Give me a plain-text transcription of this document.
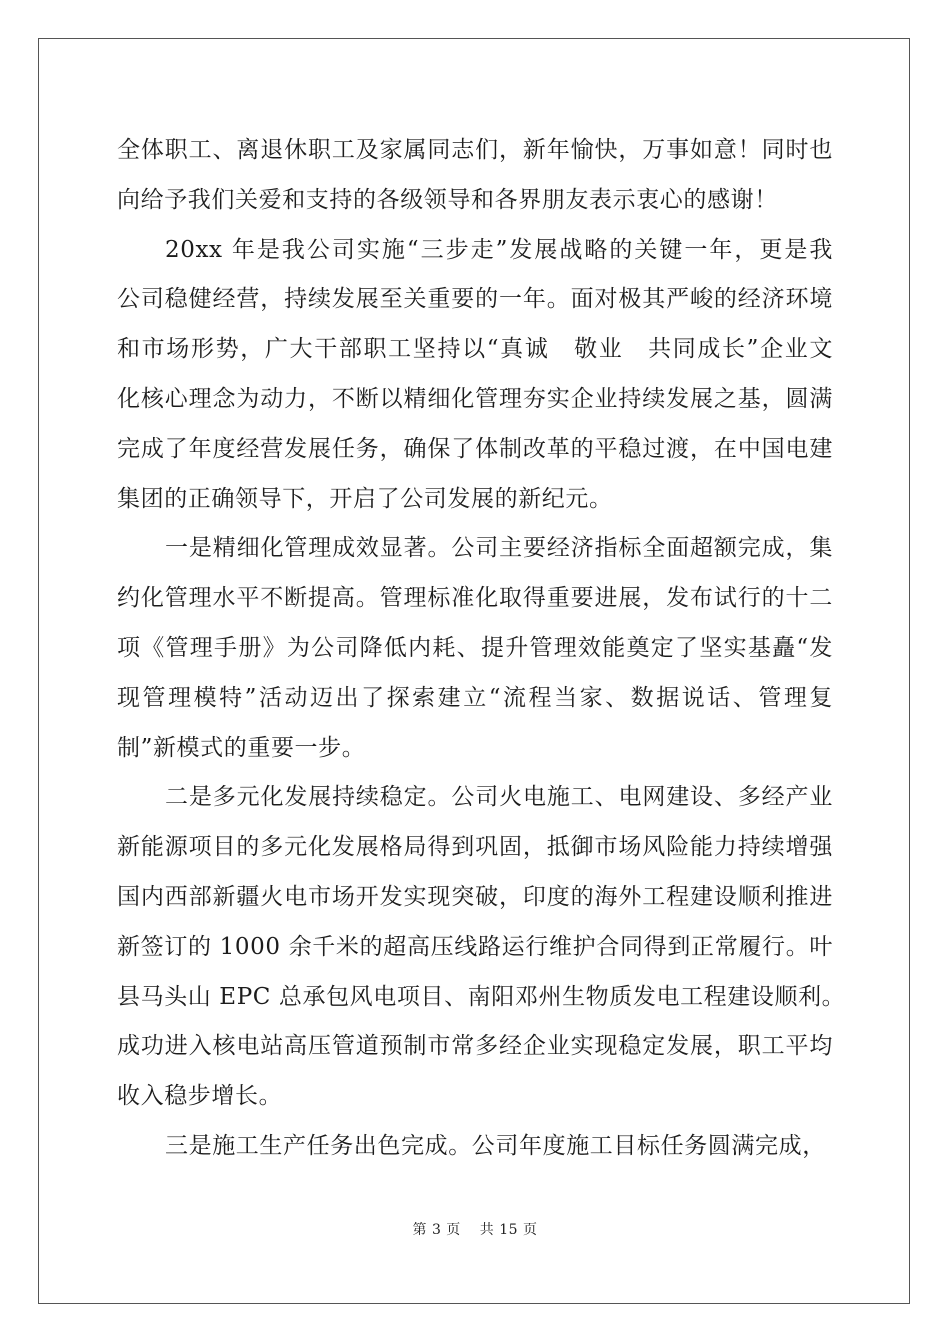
全体职工、离退休职工及家属同志们，新年愉快，万事如意！同时也
向给予我们关爱和支持的各级领导和各界朋友表示衷心的感谢！
20xx 年是我公司实施“三步走”发展战略的关键一年，更是我
公司稳健经营，持续发展至关重要的一年。面对极其严峻的经济环境
和市场形势，广大干部职工坚持以“真诚　敬业　共同成长”企业文
化核心理念为动力，不断以精细化管理夯实企业持续发展之基，圆满
完成了年度经营发展任务，确保了体制改革的平稳过渡，在中国电建
集团的正确领导下，开启了公司发展的新纪元。
一是精细化管理成效显著。公司主要经济指标全面超额完成，集
约化管理水平不断提高。管理标准化取得重要进展，发布试行的十二
项《管理手册》为公司降低内耗、提升管理效能奠定了坚实基矗“发
现管理模特”活动迈出了探索建立“流程当家、数据说话、管理复
制”新模式的重要一步。
二是多元化发展持续稳定。公司火电施工、电网建设、多经产业
新能源项目的多元化发展格局得到巩固，抵御市场风险能力持续增强
国内西部新疆火电市场开发实现突破，印度的海外工程建设顺利推进
新签订的 1000 余千米的超高压线路运行维护合同得到正常履行。叶
县马头山 EPC 总承包风电项目、南阳邓州生物质发电工程建设顺利。
成功进入核电站高压管道预制市常多经企业实现稳定发展，职工平均
收入稳步增长。
三是施工生产任务出色完成。公司年度施工目标任务圆满完成，
第 3 页 共 15 页
